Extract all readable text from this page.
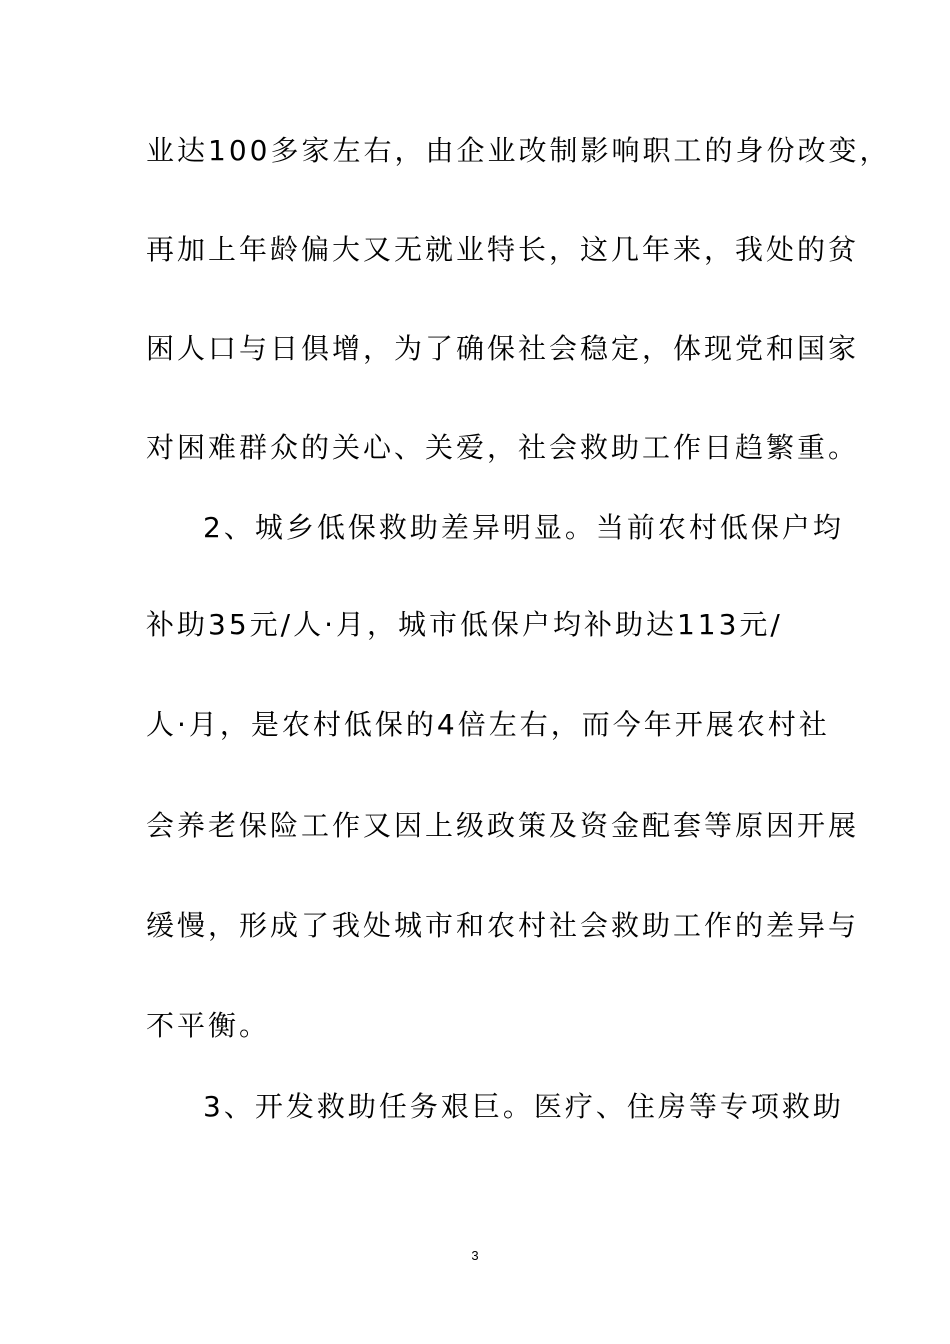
业达100多家左右，由企业改制影响职工的身份改变，
再加上年龄偏大又无就业特长，这几年来，我处的贫
困人口与日俱增，为了确保社会稳定，体现党和国家
对困难群众的关心、关爱，社会救助工作日趋繁重。
2、城乡低保救助差异明显。当前农村低保户均
补助35元/人·月，城市低保户均补助达113元/
人·月，是农村低保的4倍左右，而今年开展农村社
会养老保险工作又因上级政策及资金配套等原因开展
缓慢，形成了我处城市和农村社会救助工作的差异与
不平衡。
3、开发救助任务艰巨。医疗、住房等专项救助
3
